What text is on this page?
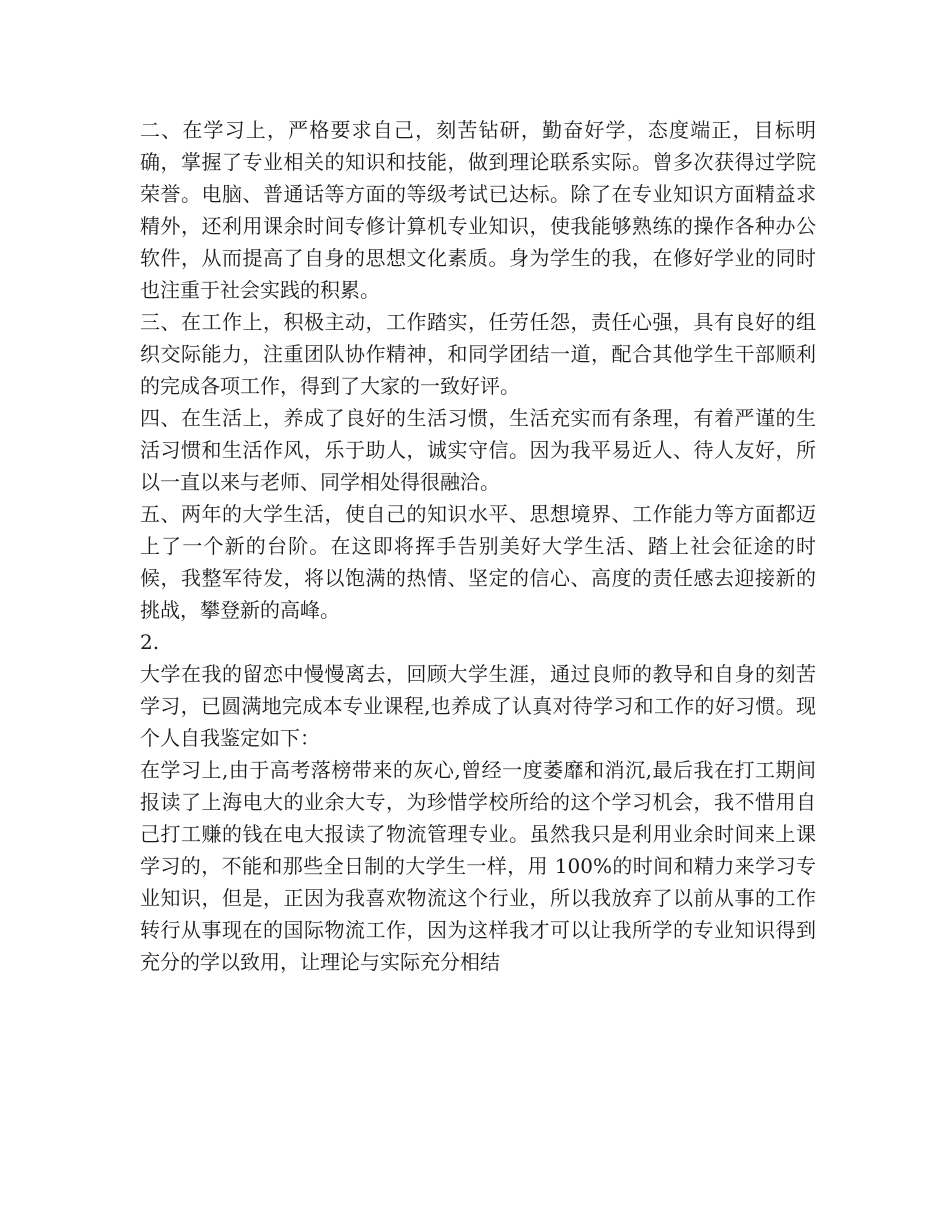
二、在学习上，严格要求自己，刻苦钻研，勤奋好学，态度端正，目标明确，掌握了专业相关的知识和技能，做到理论联系实际。曾多次获得过学院荣誉。电脑、普通话等方面的等级考试已达标。除了在专业知识方面精益求精外，还利用课余时间专修计算机专业知识，使我能够熟练的操作各种办公软件，从而提高了自身的思想文化素质。身为学生的我，在修好学业的同时也注重于社会实践的积累。

三、在工作上，积极主动，工作踏实，任劳任怨，责任心强，具有良好的组织交际能力，注重团队协作精神，和同学团结一道，配合其他学生干部顺利的完成各项工作，得到了大家的一致好评。

四、在生活上，养成了良好的生活习惯，生活充实而有条理，有着严谨的生活习惯和生活作风，乐于助人，诚实守信。因为我平易近人、待人友好，所以一直以来与老师、同学相处得很融洽。

五、两年的大学生活，使自己的知识水平、思想境界、工作能力等方面都迈上了一个新的台阶。在这即将挥手告别美好大学生活、踏上社会征途的时候，我整军待发，将以饱满的热情、坚定的信心、高度的责任感去迎接新的挑战，攀登新的高峰。

2.

大学在我的留恋中慢慢离去，回顾大学生涯，通过良师的教导和自身的刻苦学习，已圆满地完成本专业课程,也养成了认真对待学习和工作的好习惯。现个人自我鉴定如下：

在学习上,由于高考落榜带来的灰心,曾经一度萎靡和消沉,最后我在打工期间报读了上海电大的业余大专，为珍惜学校所给的这个学习机会，我不惜用自己打工赚的钱在电大报读了物流管理专业。虽然我只是利用业余时间来上课学习的，不能和那些全日制的大学生一样，用 100%的时间和精力来学习专业知识，但是，正因为我喜欢物流这个行业，所以我放弃了以前从事的工作转行从事现在的国际物流工作，因为这样我才可以让我所学的专业知识得到充分的学以致用，让理论与实际充分相结
